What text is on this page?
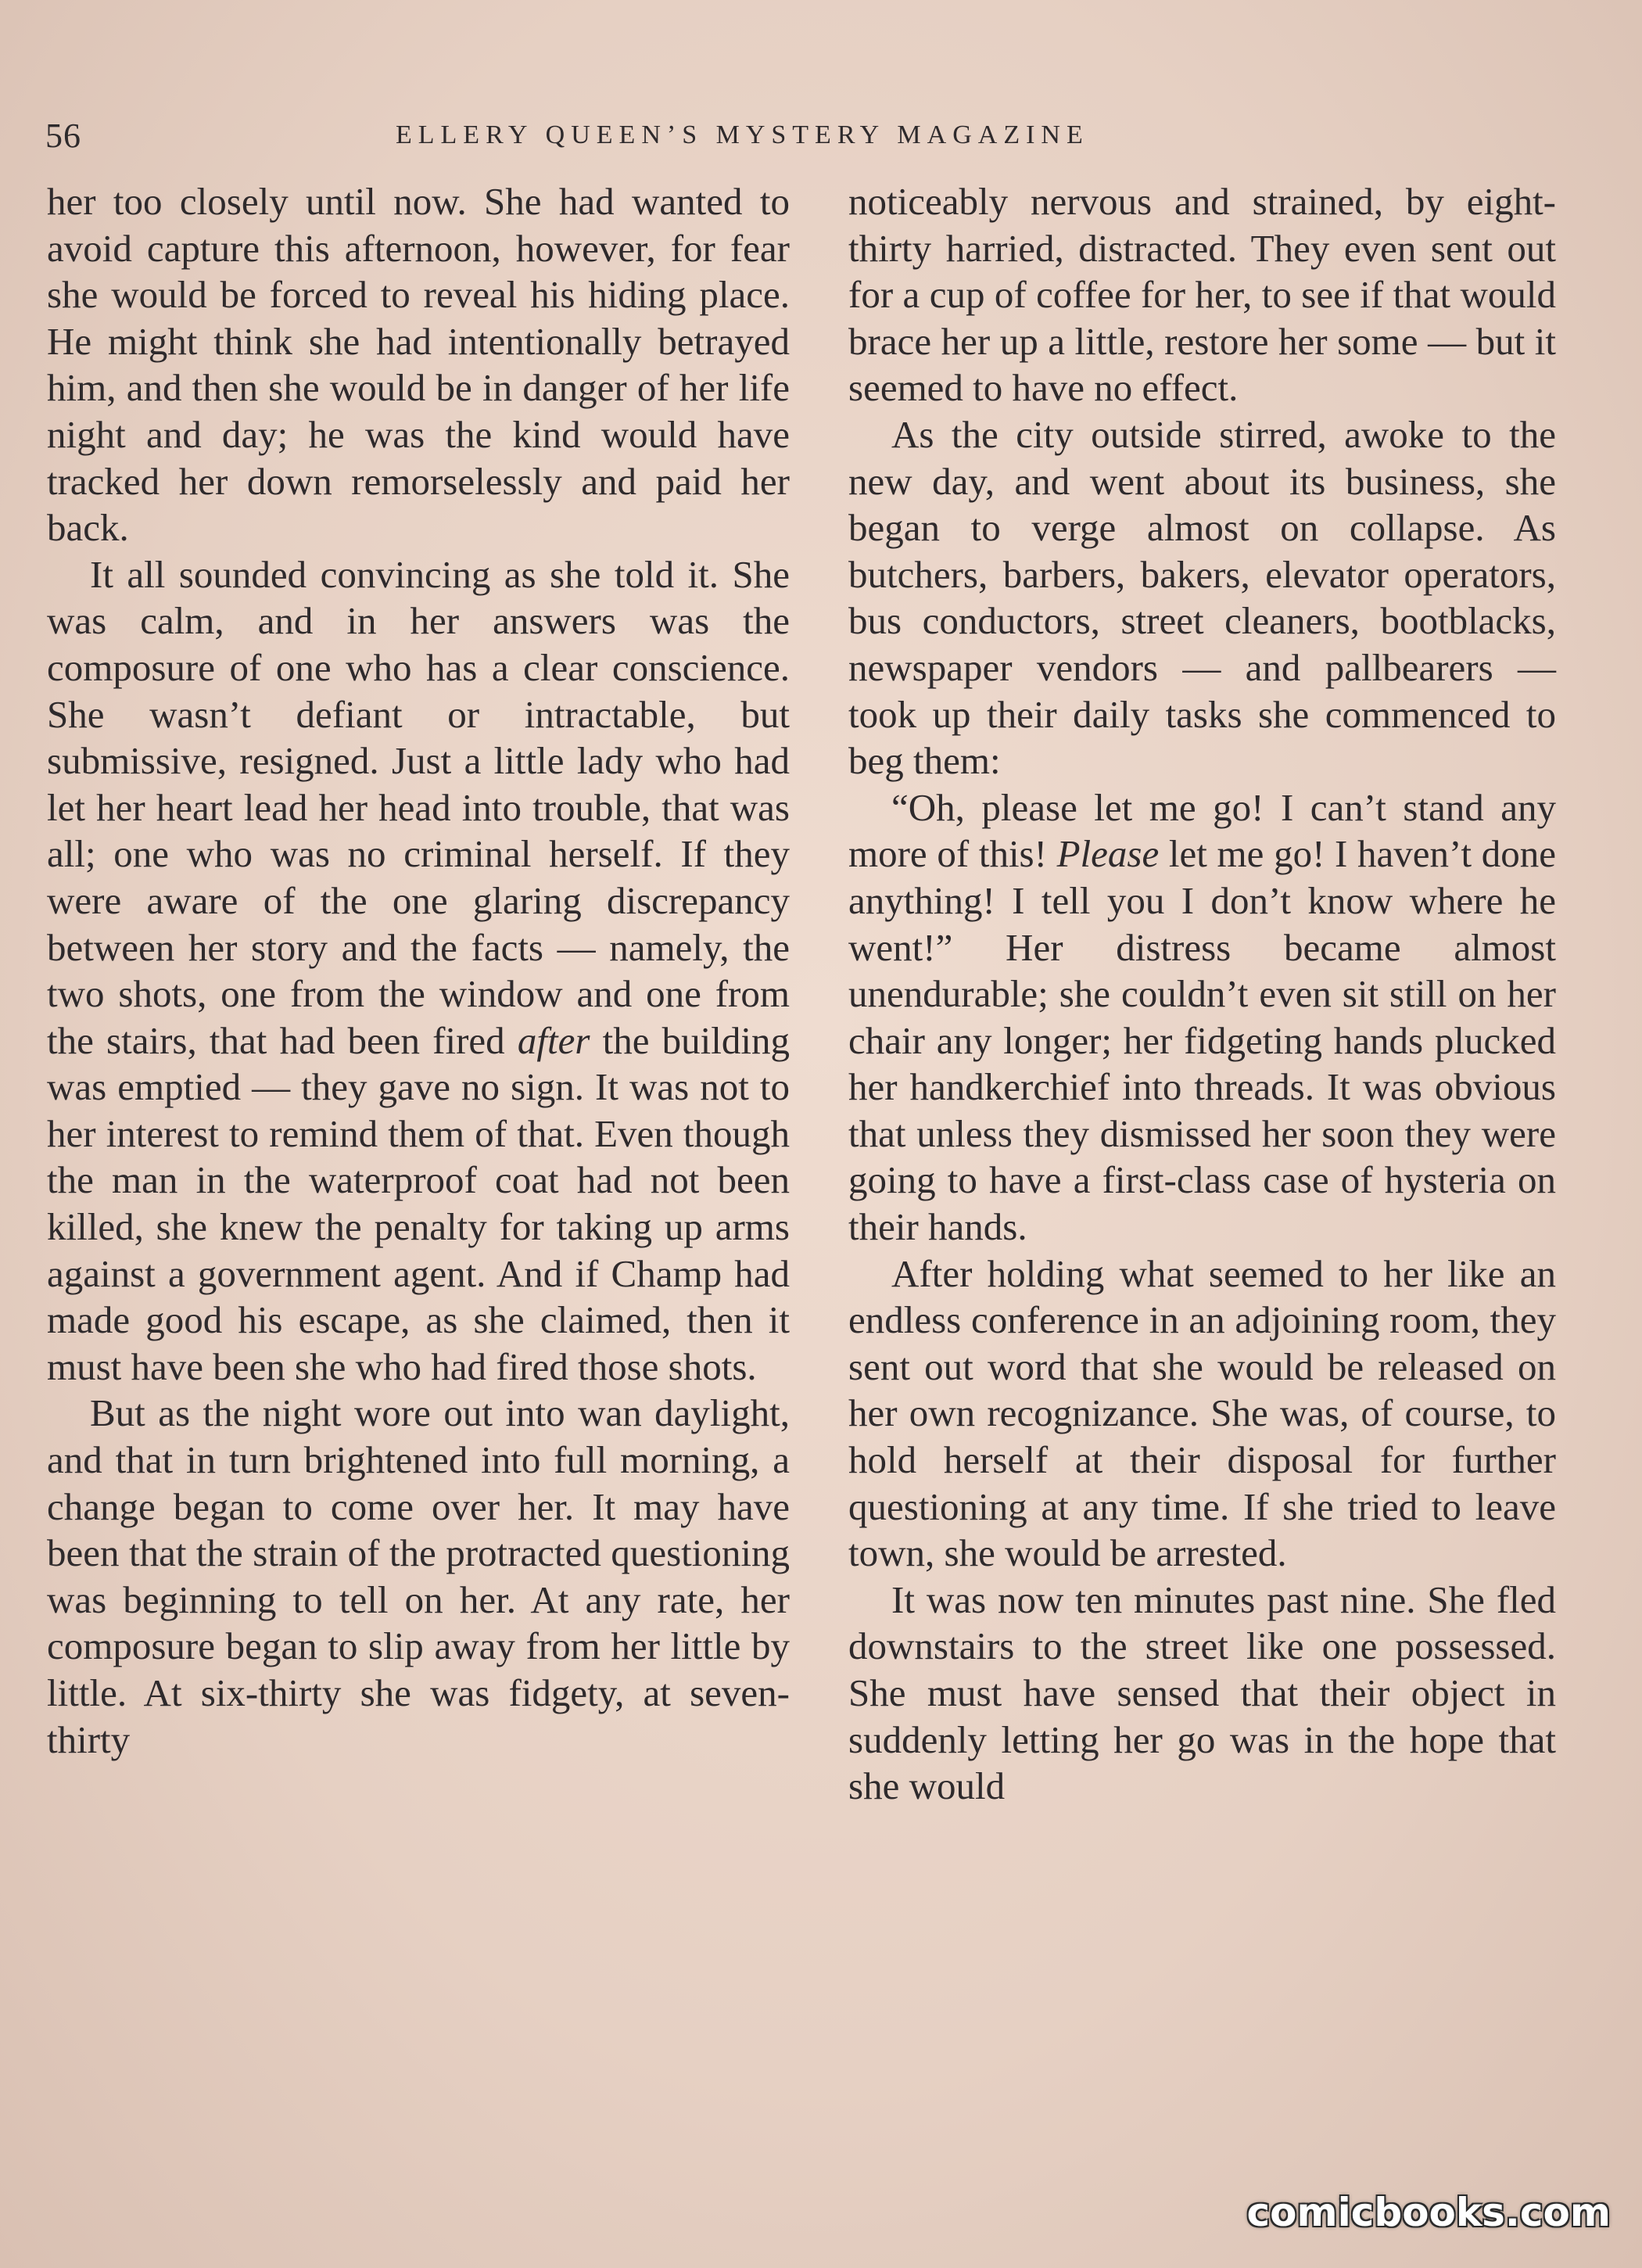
56	ELLERY QUEEN’S MYSTERY MAGAZINE

her too closely until now. She had wanted to avoid capture this afternoon, however, for fear she would be forced to reveal his hiding place. He might think she had intentionally betrayed him, and then she would be in danger of her life night and day; he was the kind would have tracked her down remorselessly and paid her back.

It all sounded convincing as she told it. She was calm, and in her answers was the composure of one who has a clear conscience. She wasn’t defiant or intractable, but submissive, resigned. Just a little lady who had let her heart lead her head into trouble, that was all; one who was no criminal herself. If they were aware of the one glaring discrepancy between her story and the facts — namely, the two shots, one from the window and one from the stairs, that had been fired after the building was emptied — they gave no sign. It was not to her interest to remind them of that. Even though the man in the waterproof coat had not been killed, she knew the penalty for taking up arms against a government agent. And if Champ had made good his escape, as she claimed, then it must have been she who had fired those shots.

But as the night wore out into wan daylight, and that in turn brightened into full morning, a change began to come over her. It may have been that the strain of the protracted questioning was beginning to tell on her. At any rate, her composure began to slip away from her little by little. At six-thirty she was fidgety, at seven-thirty

noticeably nervous and strained, by eight-thirty harried, distracted. They even sent out for a cup of coffee for her, to see if that would brace her up a little, restore her some — but it seemed to have no effect.

As the city outside stirred, awoke to the new day, and went about its business, she began to verge almost on collapse. As butchers, barbers, bakers, elevator operators, bus conductors, street cleaners, bootblacks, newspaper vendors — and pallbearers — took up their daily tasks she commenced to beg them:

“Oh, please let me go! I can’t stand any more of this! Please let me go! I haven’t done anything! I tell you I don’t know where he went!” Her distress became almost unendurable; she couldn’t even sit still on her chair any longer; her fidgeting hands plucked her handkerchief into threads. It was obvious that unless they dismissed her soon they were going to have a first-class case of hysteria on their hands.

After holding what seemed to her like an endless conference in an adjoining room, they sent out word that she would be released on her own recognizance. She was, of course, to hold herself at their disposal for further questioning at any time. If she tried to leave town, she would be arrested.

It was now ten minutes past nine. She fled downstairs to the street like one possessed. She must have sensed that their object in suddenly letting her go was in the hope that she would

comicbooks.com
